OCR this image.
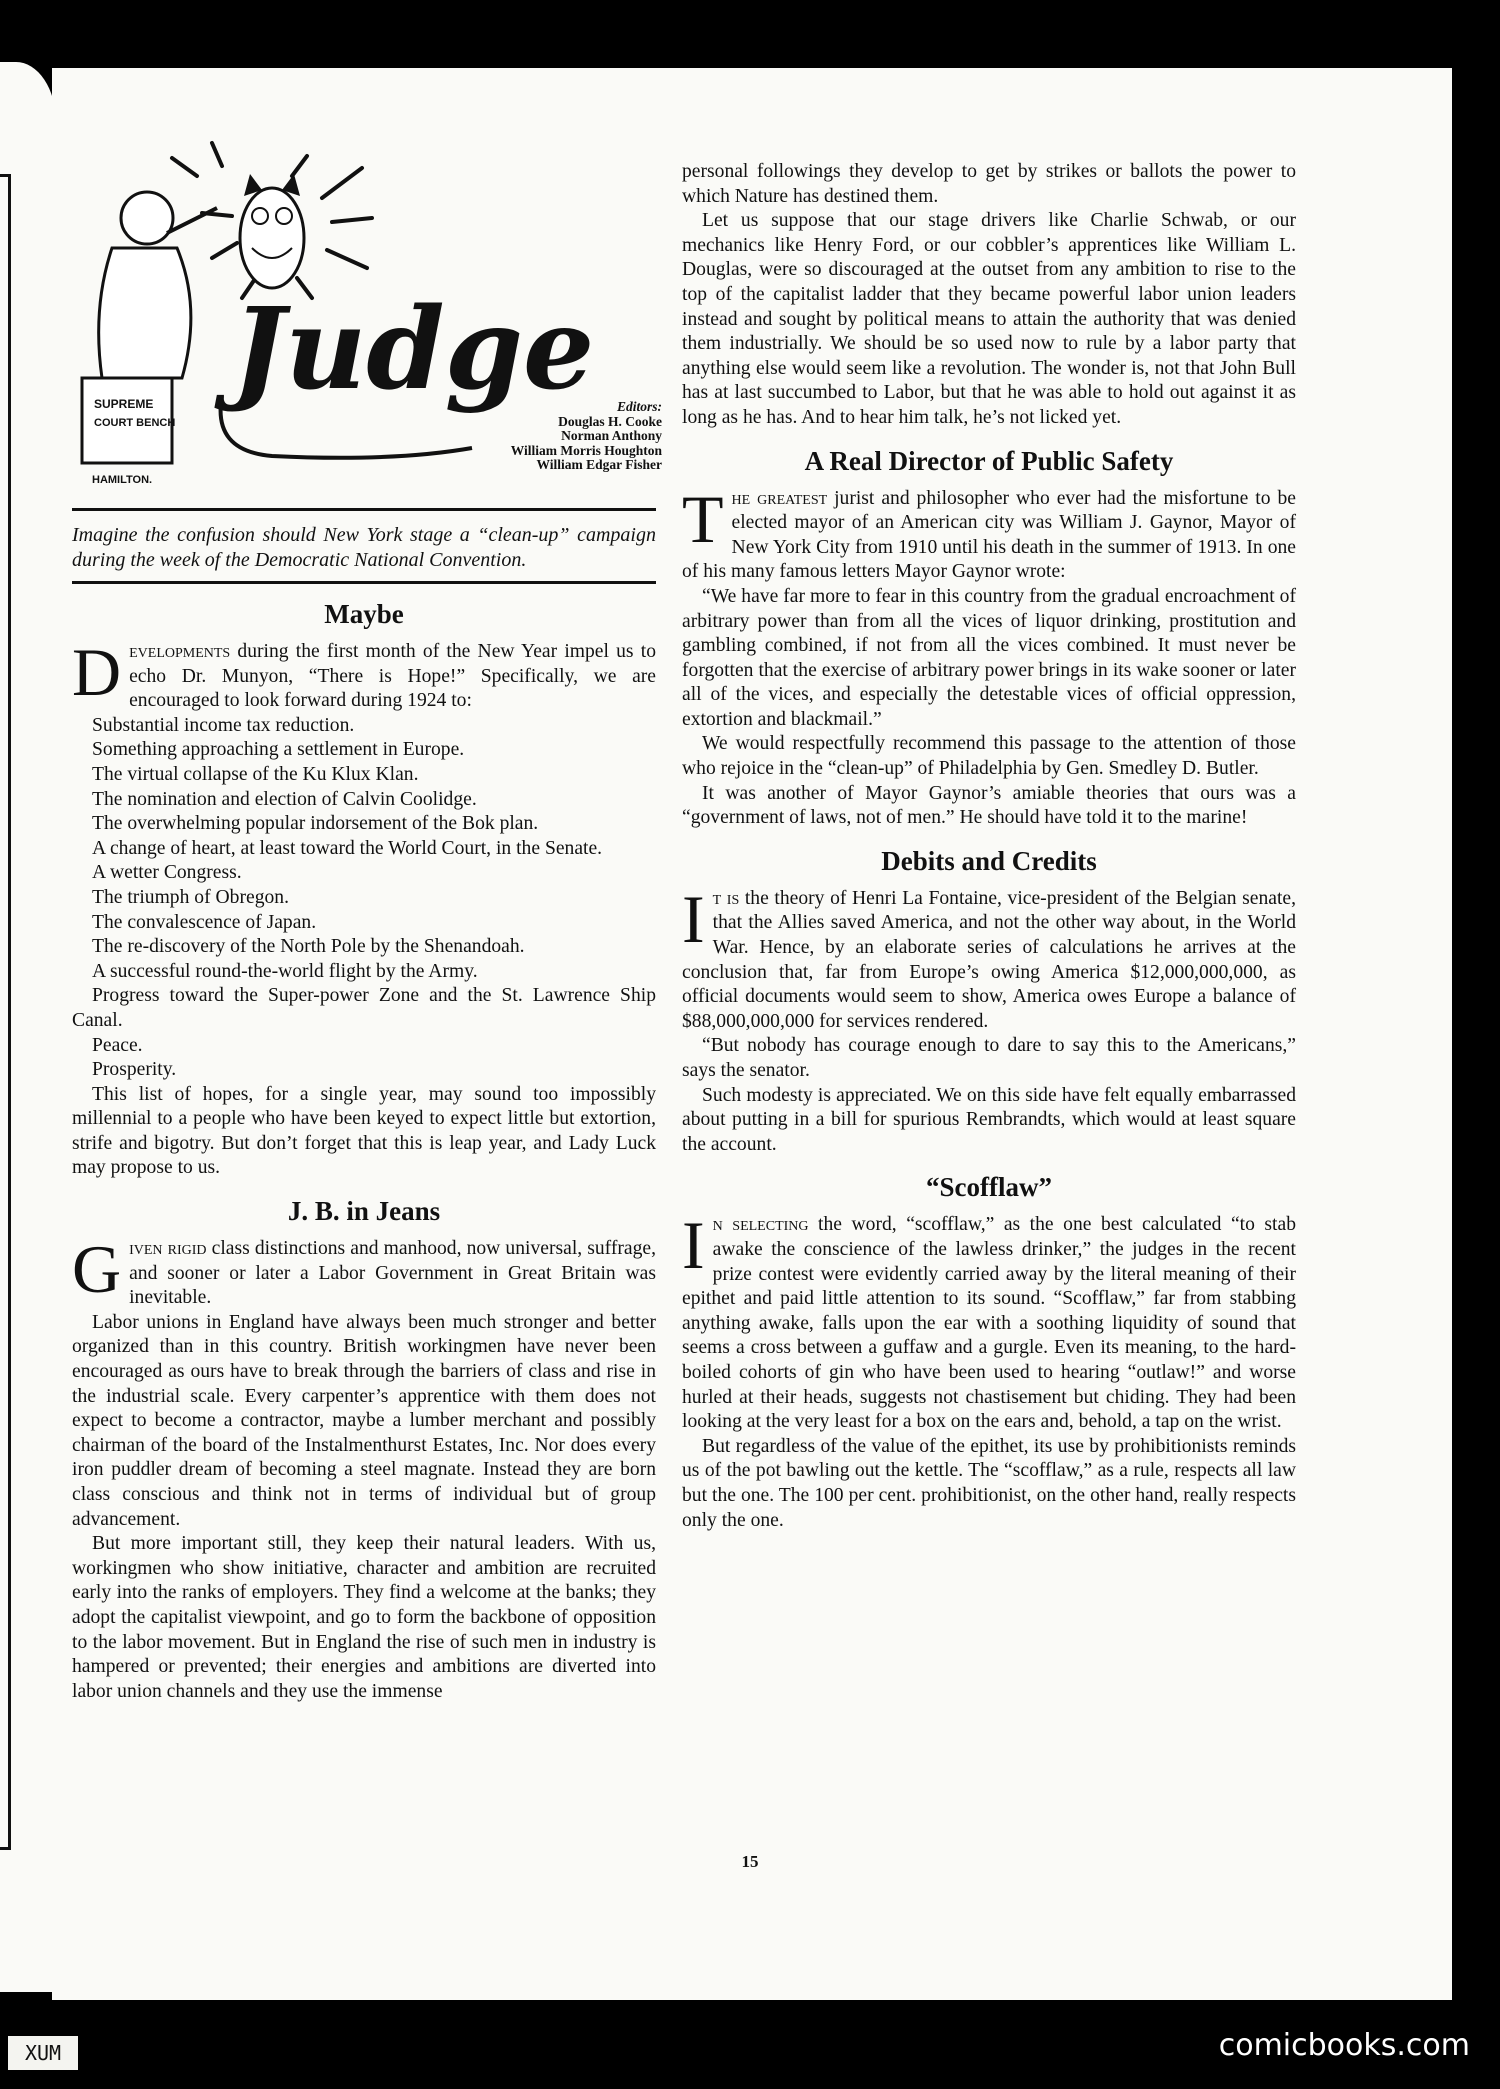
SUPREME
COURT BENCH
Judge
HAMILTON.
Editors:
Douglas H. Cooke
Norman Anthony
William Morris Houghton
William Edgar Fisher
Imagine the confusion should New York stage a “clean-up” campaign during the week of the Democratic National Convention.
Maybe

Developments during the first month of the New Year impel us to echo Dr. Munyon, “There is Hope!” Specifically, we are encouraged to look forward during 1924 to:

Substantial income tax reduction.

Something approaching a settlement in Europe.

The virtual collapse of the Ku Klux Klan.

The nomination and election of Calvin Coolidge.

The overwhelming popular indorsement of the Bok plan.

A change of heart, at least toward the World Court, in the Senate.

A wetter Congress.

The triumph of Obregon.

The convalescence of Japan.

The re-discovery of the North Pole by the Shenandoah.

A successful round-the-world flight by the Army.

Progress toward the Super-power Zone and the St. Lawrence Ship Canal.

Peace.

Prosperity.

This list of hopes, for a single year, may sound too impossibly millennial to a people who have been keyed to expect little but extortion, strife and bigotry. But don’t forget that this is leap year, and Lady Luck may propose to us.

J. B. in Jeans

Given rigid class distinctions and manhood, now universal, suffrage, and sooner or later a Labor Government in Great Britain was inevitable.

Labor unions in England have always been much stronger and better organized than in this country. British workingmen have never been encouraged as ours have to break through the barriers of class and rise in the industrial scale. Every carpenter’s apprentice with them does not expect to become a contractor, maybe a lumber merchant and possibly chairman of the board of the Instalmenthurst Estates, Inc. Nor does every iron puddler dream of becoming a steel magnate. Instead they are born class conscious and think not in terms of individual but of group advancement.

But more important still, they keep their natural leaders. With us, workingmen who show initiative, character and ambition are recruited early into the ranks of employers. They find a welcome at the banks; they adopt the capitalist viewpoint, and go to form the backbone of opposition to the labor movement. But in England the rise of such men in industry is hampered or prevented; their energies and ambitions are diverted into labor union channels and they use the immense

personal followings they develop to get by strikes or ballots the power to which Nature has destined them.

Let us suppose that our stage drivers like Charlie Schwab, or our mechanics like Henry Ford, or our cobbler’s apprentices like William L. Douglas, were so discouraged at the outset from any ambition to rise to the top of the capitalist ladder that they became powerful labor union leaders instead and sought by political means to attain the authority that was denied them industrially. We should be so used now to rule by a labor party that anything else would seem like a revolution. The wonder is, not that John Bull has at last succumbed to Labor, but that he was able to hold out against it as long as he has. And to hear him talk, he’s not licked yet.

A Real Director of Public Safety

The greatest jurist and philosopher who ever had the misfortune to be elected mayor of an American city was William J. Gaynor, Mayor of New York City from 1910 until his death in the summer of 1913. In one of his many famous letters Mayor Gaynor wrote:

“We have far more to fear in this country from the gradual encroachment of arbitrary power than from all the vices of liquor drinking, prostitution and gambling combined, if not from all the vices combined. It must never be forgotten that the exercise of arbitrary power brings in its wake sooner or later all of the vices, and especially the detestable vices of official oppression, extortion and blackmail.”

We would respectfully recommend this passage to the attention of those who rejoice in the “clean-up” of Philadelphia by Gen. Smedley D. Butler.

It was another of Mayor Gaynor’s amiable theories that ours was a “government of laws, not of men.” He should have told it to the marine!

Debits and Credits

It is the theory of Henri La Fontaine, vice-president of the Belgian senate, that the Allies saved America, and not the other way about, in the World War. Hence, by an elaborate series of calculations he arrives at the conclusion that, far from Europe’s owing America $12,000,000,000, as official documents would seem to show, America owes Europe a balance of $88,000,000,000 for services rendered.

“But nobody has courage enough to dare to say this to the Americans,” says the senator.

Such modesty is appreciated. We on this side have felt equally embarrassed about putting in a bill for spurious Rembrandts, which would at least square the account.

“Scofflaw”

In selecting the word, “scofflaw,” as the one best calculated “to stab awake the conscience of the lawless drinker,” the judges in the recent prize contest were evidently carried away by the literal meaning of their epithet and paid little attention to its sound. “Scofflaw,” far from stabbing anything awake, falls upon the ear with a soothing liquidity of sound that seems a cross between a guffaw and a gurgle. Even its meaning, to the hard-boiled cohorts of gin who have been used to hearing “outlaw!” and worse hurled at their heads, suggests not chastisement but chiding. They had been looking at the very least for a box on the ears and, behold, a tap on the wrist.

But regardless of the value of the epithet, its use by prohibitionists reminds us of the pot bawling out the kettle. The “scofflaw,” as a rule, respects all law but the one. The 100 per cent. prohibitionist, on the other hand, really respects only the one.

15
XUM	comicbooks.com
